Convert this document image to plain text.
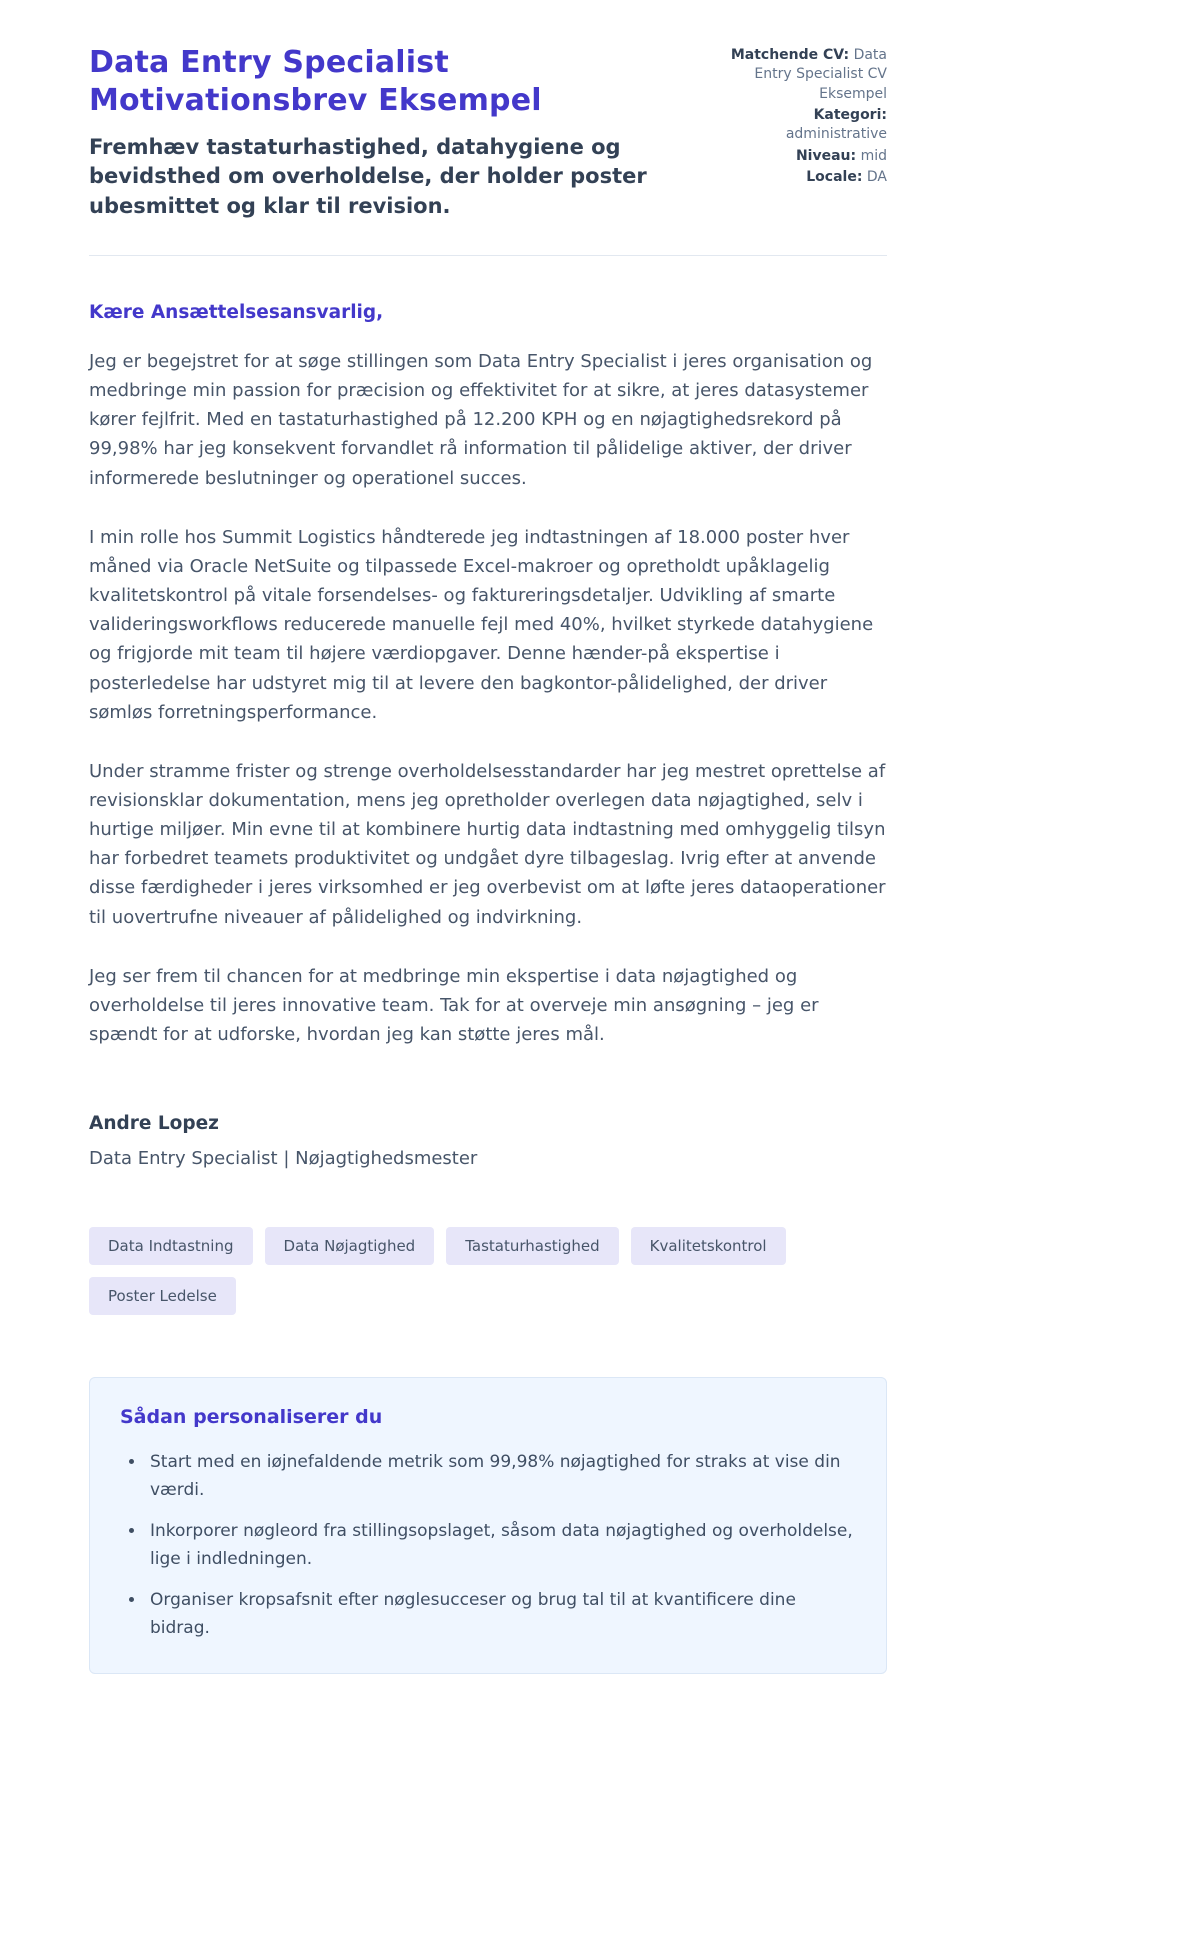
Data Entry Specialist Motivationsbrev Eksempel

Fremhæv tastaturhastighed, datahygiene og bevidsthed om overholdelse, der holder poster ubesmittet og klar til revision.

Matchende CV: Data Entry Specialist CV Eksempel
Kategori: administrative
Niveau: mid
Locale: DA

Kære Ansættelsesansvarlig,

Jeg er begejstret for at søge stillingen som Data Entry Specialist i jeres organisation og medbringe min passion for præcision og effektivitet for at sikre, at jeres datasystemer kører fejlfrit. Med en tastaturhastighed på 12.200 KPH og en nøjagtighedsrekord på 99,98% har jeg konsekvent forvandlet rå information til pålidelige aktiver, der driver informerede beslutninger og operationel succes.

I min rolle hos Summit Logistics håndterede jeg indtastningen af 18.000 poster hver måned via Oracle NetSuite og tilpassede Excel-makroer og opretholdt upåklagelig kvalitetskontrol på vitale forsendelses- og faktureringsdetaljer. Udvikling af smarte valideringsworkflows reducerede manuelle fejl med 40%, hvilket styrkede datahygiene og frigjorde mit team til højere værdiopgaver. Denne hænder-på ekspertise i posterledelse har udstyret mig til at levere den bagkontor-pålidelighed, der driver sømløs forretningsperformance.

Under stramme frister og strenge overholdelsesstandarder har jeg mestret oprettelse af revisionsklar dokumentation, mens jeg opretholder overlegen data nøjagtighed, selv i hurtige miljøer. Min evne til at kombinere hurtig data indtastning med omhyggelig tilsyn har forbedret teamets produktivitet og undgået dyre tilbageslag. Ivrig efter at anvende disse færdigheder i jeres virksomhed er jeg overbevist om at løfte jeres dataoperationer til uovertrufne niveauer af pålidelighed og indvirkning.

Jeg ser frem til chancen for at medbringe min ekspertise i data nøjagtighed og overholdelse til jeres innovative team. Tak for at overveje min ansøgning – jeg er spændt for at udforske, hvordan jeg kan støtte jeres mål.

Andre Lopez

Data Entry Specialist | Nøjagtighedsmester

Data Indtastning	Data Nøjagtighed	Tastaturhastighed	Kvalitetskontrol
Poster Ledelse
Sådan personaliserer du
• Start med en iøjnefaldende metrik som 99,98% nøjagtighed for straks at vise din værdi.
• Inkorporer nøgleord fra stillingsopslaget, såsom data nøjagtighed og overholdelse, lige i indledningen.
• Organiser kropsafsnit efter nøglesucceser og brug tal til at kvantificere dine bidrag.
